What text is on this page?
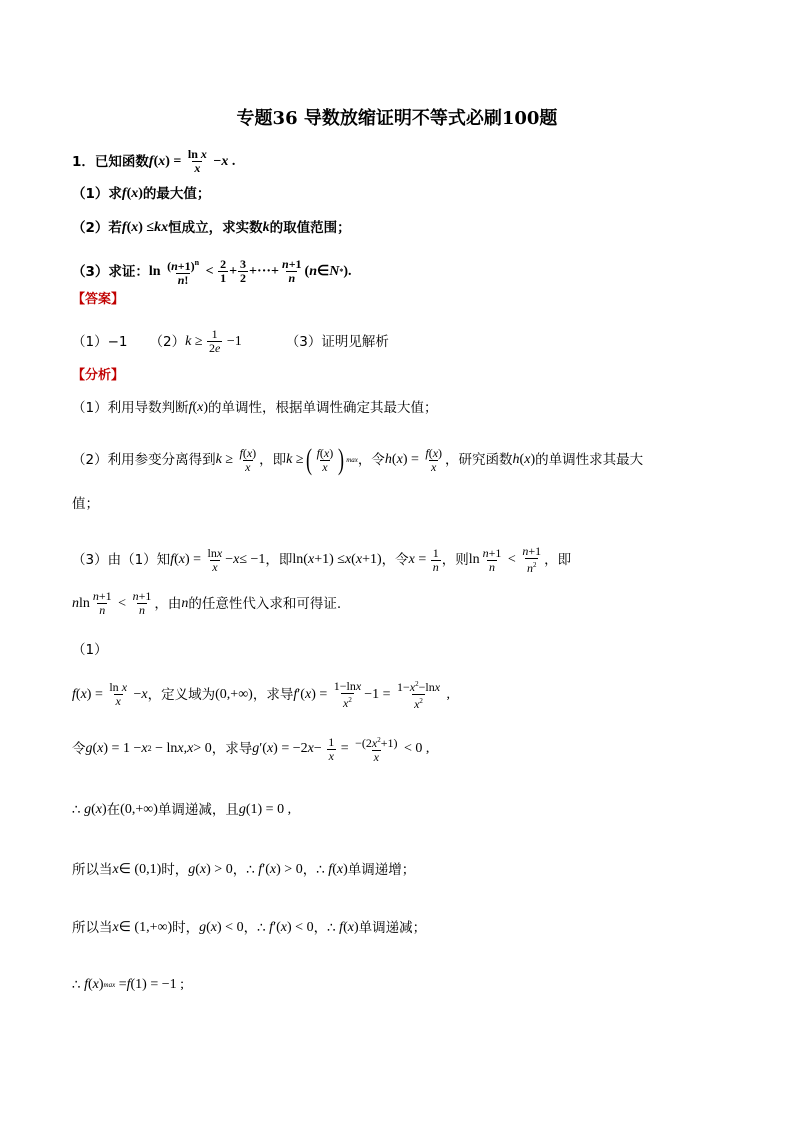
专题36 导数放缩证明不等式必刷100题
1．已知函数 f ( x ) = $\frac{\text{ln x}}{x} - x$ .
（1）求 f ( x ) 的最大值；
（2）若 f ( x ) ≤ kx 恒成立，求实数 k 的取值范围；
（3）求证： $\ln \frac{(n+1)^n}{n!} < \frac{2}{1} + \frac{3}{2}$ +···+ $\frac{n+1}{n}$ ( n ∈ N * ).
【答案】
（1）−1 （2） $k \ge \frac{1}{2e} -1$	（3）证明见解析
【分析】
（1）利用导数判断 f ( x ) 的单调性，根据单调性确定其最大值；
（2）利用参变分离得到 $k \ge \frac{f(x)}{x}$ ，即 k ≥ ( $\frac{f(x)}{x}$ ) max ，令 h ( x ) = $\frac{f(x)}{x}$ ，研究函数 h ( x ) 的单调性求其最大
值；
（3）由（1）知 f ( x ) = $\frac{\ln x}{x} - x \le -1$ ，即 ln( x +1) ≤ x ( x +1) ，令 $x = \frac{1}{n}$ ，则 $\ln \frac{n+1}{n} < \frac{n+1}{n^2}$ ，即
n $\ln \frac{n+1}{n} < \frac{n+1}{n}$ ，由 n 的任意性代入求和可得证.
（1）
f ( x ) = $\frac{\text{ln x}}{x} - x$ ，定义域为 (0,+∞) ，求导 f ′( x ) = $\frac{1-\ln x}{x^2} -1 = \frac{1-x^2-\ln x}{x^2}$ ,
令 g ( x ) = 1 − x 2 − ln x , x > 0 ，求导 g ′( x ) = −2 $x - \frac{1}{x} = \frac{-(2x^2+1)}{x} < 0$ ,
∴ g ( x ) 在 (0,+∞) 单调递减，且 g (1) = 0 ,
所以当 x ∈ (0,1) 时， g ( x ) > 0 ，∴ f ′( x ) > 0 ，∴ f ( x ) 单调递增；
所以当 x ∈ (1,+∞) 时， g ( x ) < 0 ，∴ f ′( x ) < 0 ，∴ f ( x ) 单调递减；
∴ f ( x ) max = f (1) = −1 ;
